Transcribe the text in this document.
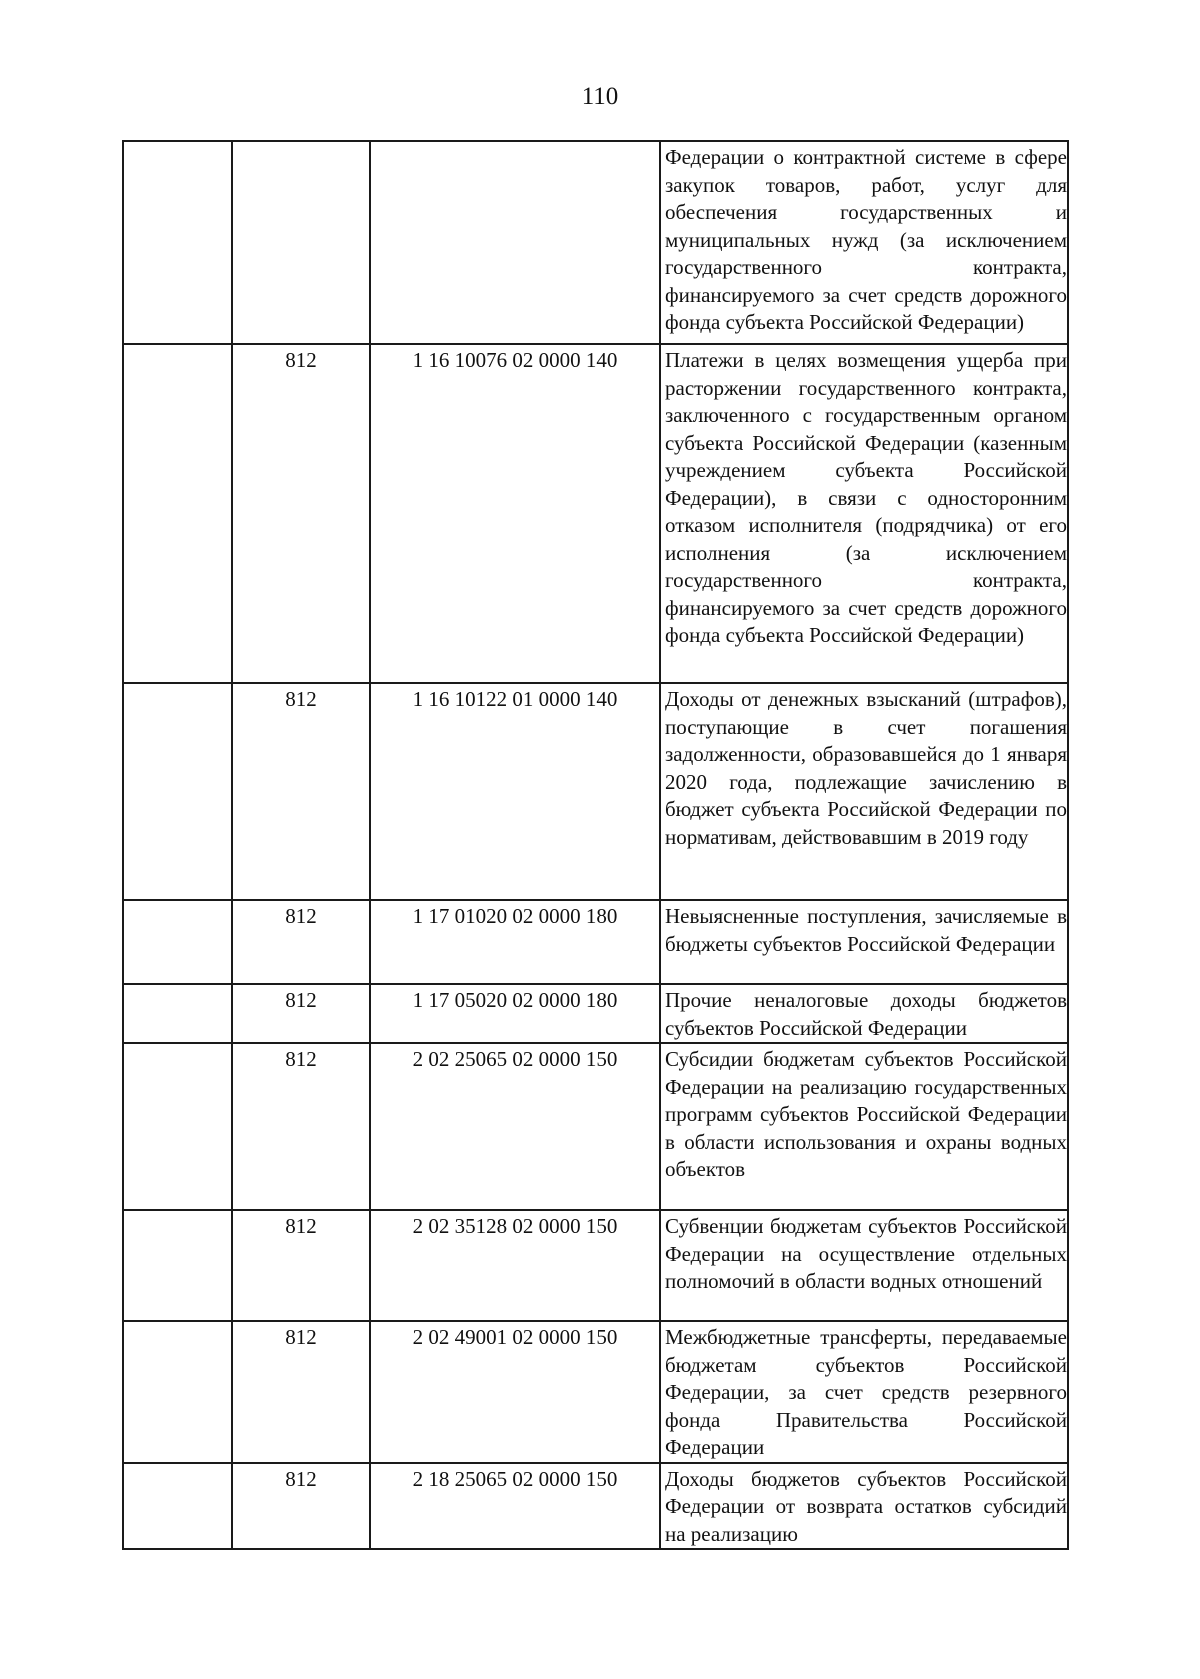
110
			Федерации о контрактной системе в сфере закупок товаров, работ, услуг для обеспечения государственных и муниципальных нужд (за исключением государственного контракта, финансируемого за счет средств дорожного фонда субъекта Российской Федерации)
	812	1 16 10076 02 0000 140	Платежи в целях возмещения ущерба при расторжении государственного контракта, заключенного с государственным органом субъекта Российской Федерации (казенным учреждением субъекта Российской Федерации), в связи с односторонним отказом исполнителя (подрядчика) от его исполнения (за исключением государственного контракта, финансируемого за счет средств дорожного фонда субъекта Российской Федерации)
	812	1 16 10122 01 0000 140	Доходы от денежных взысканий (штрафов), поступающие в счет погашения задолженности, образовавшейся до 1 января 2020 года, подлежащие зачислению в бюджет субъекта Российской Федерации по нормативам, действовавшим в 2019 году
	812	1 17 01020 02 0000 180	Невыясненные поступления, зачисляемые в бюджеты субъектов Российской Федерации
	812	1 17 05020 02 0000 180	Прочие неналоговые доходы бюджетов субъектов Российской Федерации
	812	2 02 25065 02 0000 150	Субсидии бюджетам субъектов Российской Федерации на реализацию государственных программ субъектов Российской Федерации в области использования и охраны водных объектов
	812	2 02 35128 02 0000 150	Субвенции бюджетам субъектов Российской Федерации на осуществление отдельных полномочий в области водных отношений
	812	2 02 49001 02 0000 150	Межбюджетные трансферты, передаваемые бюджетам субъектов Российской Федерации, за счет средств резервного фонда Правительства Российской Федерации
	812	2 18 25065 02 0000 150	Доходы бюджетов субъектов Российской Федерации от возврата остатков субсидий на реализацию
